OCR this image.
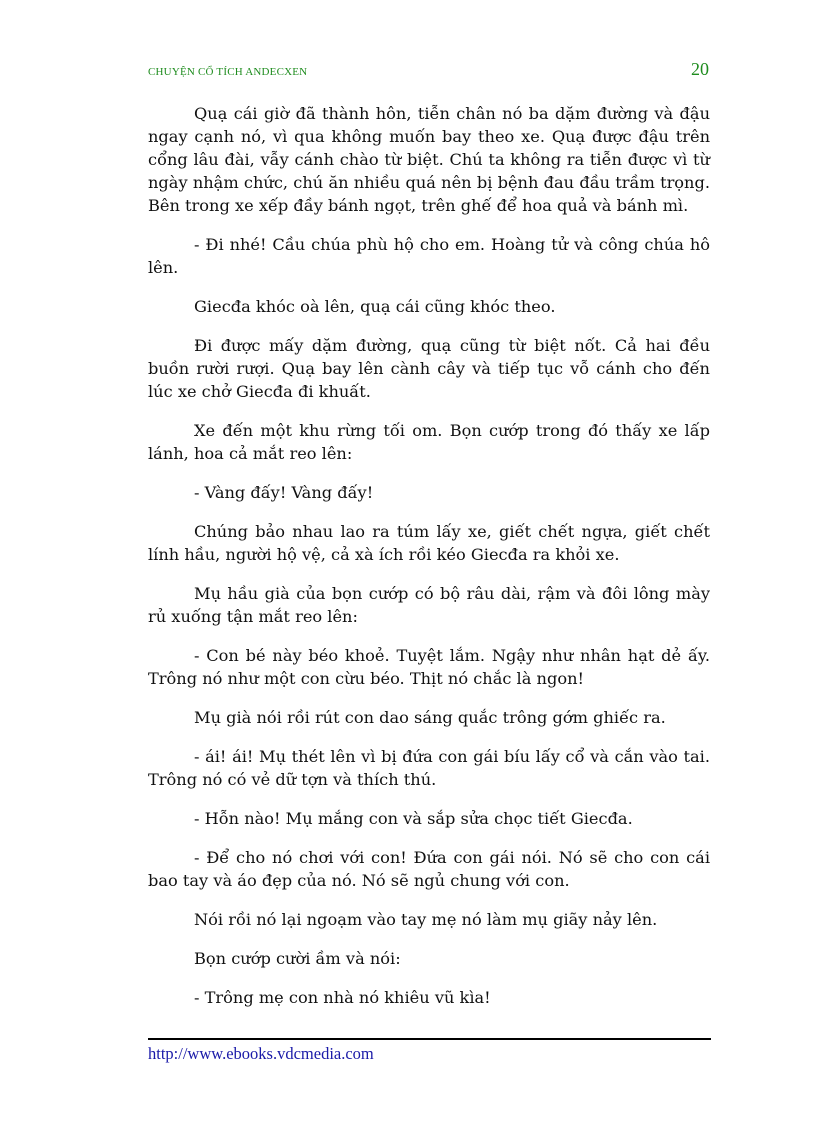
CHUYỆN CỔ TÍCH ANDECXEN	20

Quạ cái giờ đã thành hôn, tiễn chân nó ba dặm đường và đậu ngay cạnh nó, vì qua không muốn bay theo xe. Quạ được đậu trên cổng lâu đài, vẫy cánh chào từ biệt. Chú ta không ra tiễn được vì từ ngày nhậm chức, chú ăn nhiều quá nên bị bệnh đau đầu trầm trọng. Bên trong xe xếp đầy bánh ngọt, trên ghế để hoa quả và bánh mì.

- Đi nhé! Cầu chúa phù hộ cho em. Hoàng tử và công chúa hô lên.

Giecđa khóc oà lên, quạ cái cũng khóc theo.

Đi được mấy dặm đường, quạ cũng từ biệt nốt. Cả hai đều buồn rười rượi. Quạ bay lên cành cây và tiếp tục vỗ cánh cho đến lúc xe chở Giecđa đi khuất.

Xe đến một khu rừng tối om. Bọn cướp trong đó thấy xe lấp lánh, hoa cả mắt reo lên:

- Vàng đấy! Vàng đấy!

Chúng bảo nhau lao ra túm lấy xe, giết chết ngựa, giết chết lính hầu, người hộ vệ, cả xà ích rồi kéo Giecđa ra khỏi xe.

Mụ hầu già của bọn cướp có bộ râu dài, rậm và đôi lông mày rủ xuống tận mắt reo lên:

- Con bé này béo khoẻ. Tuyệt lắm. Ngậy như nhân hạt dẻ ấy. Trông nó như một con cừu béo. Thịt nó chắc là ngon!

Mụ già nói rồi rút con dao sáng quắc trông gớm ghiếc ra.

- ái! ái! Mụ thét lên vì bị đứa con gái bíu lấy cổ và cắn vào tai. Trông nó có vẻ dữ tợn và thích thú.

- Hỗn nào! Mụ mắng con và sắp sửa chọc tiết Giecđa.

- Để cho nó chơi với con! Đứa con gái nói. Nó sẽ cho con cái bao tay và áo đẹp của nó. Nó sẽ ngủ chung với con.

Nói rồi nó lại ngoạm vào tay mẹ nó làm mụ giãy nảy lên.

Bọn cướp cười ầm và nói:

- Trông mẹ con nhà nó khiêu vũ kìa!

http://www.ebooks.vdcmedia.com
